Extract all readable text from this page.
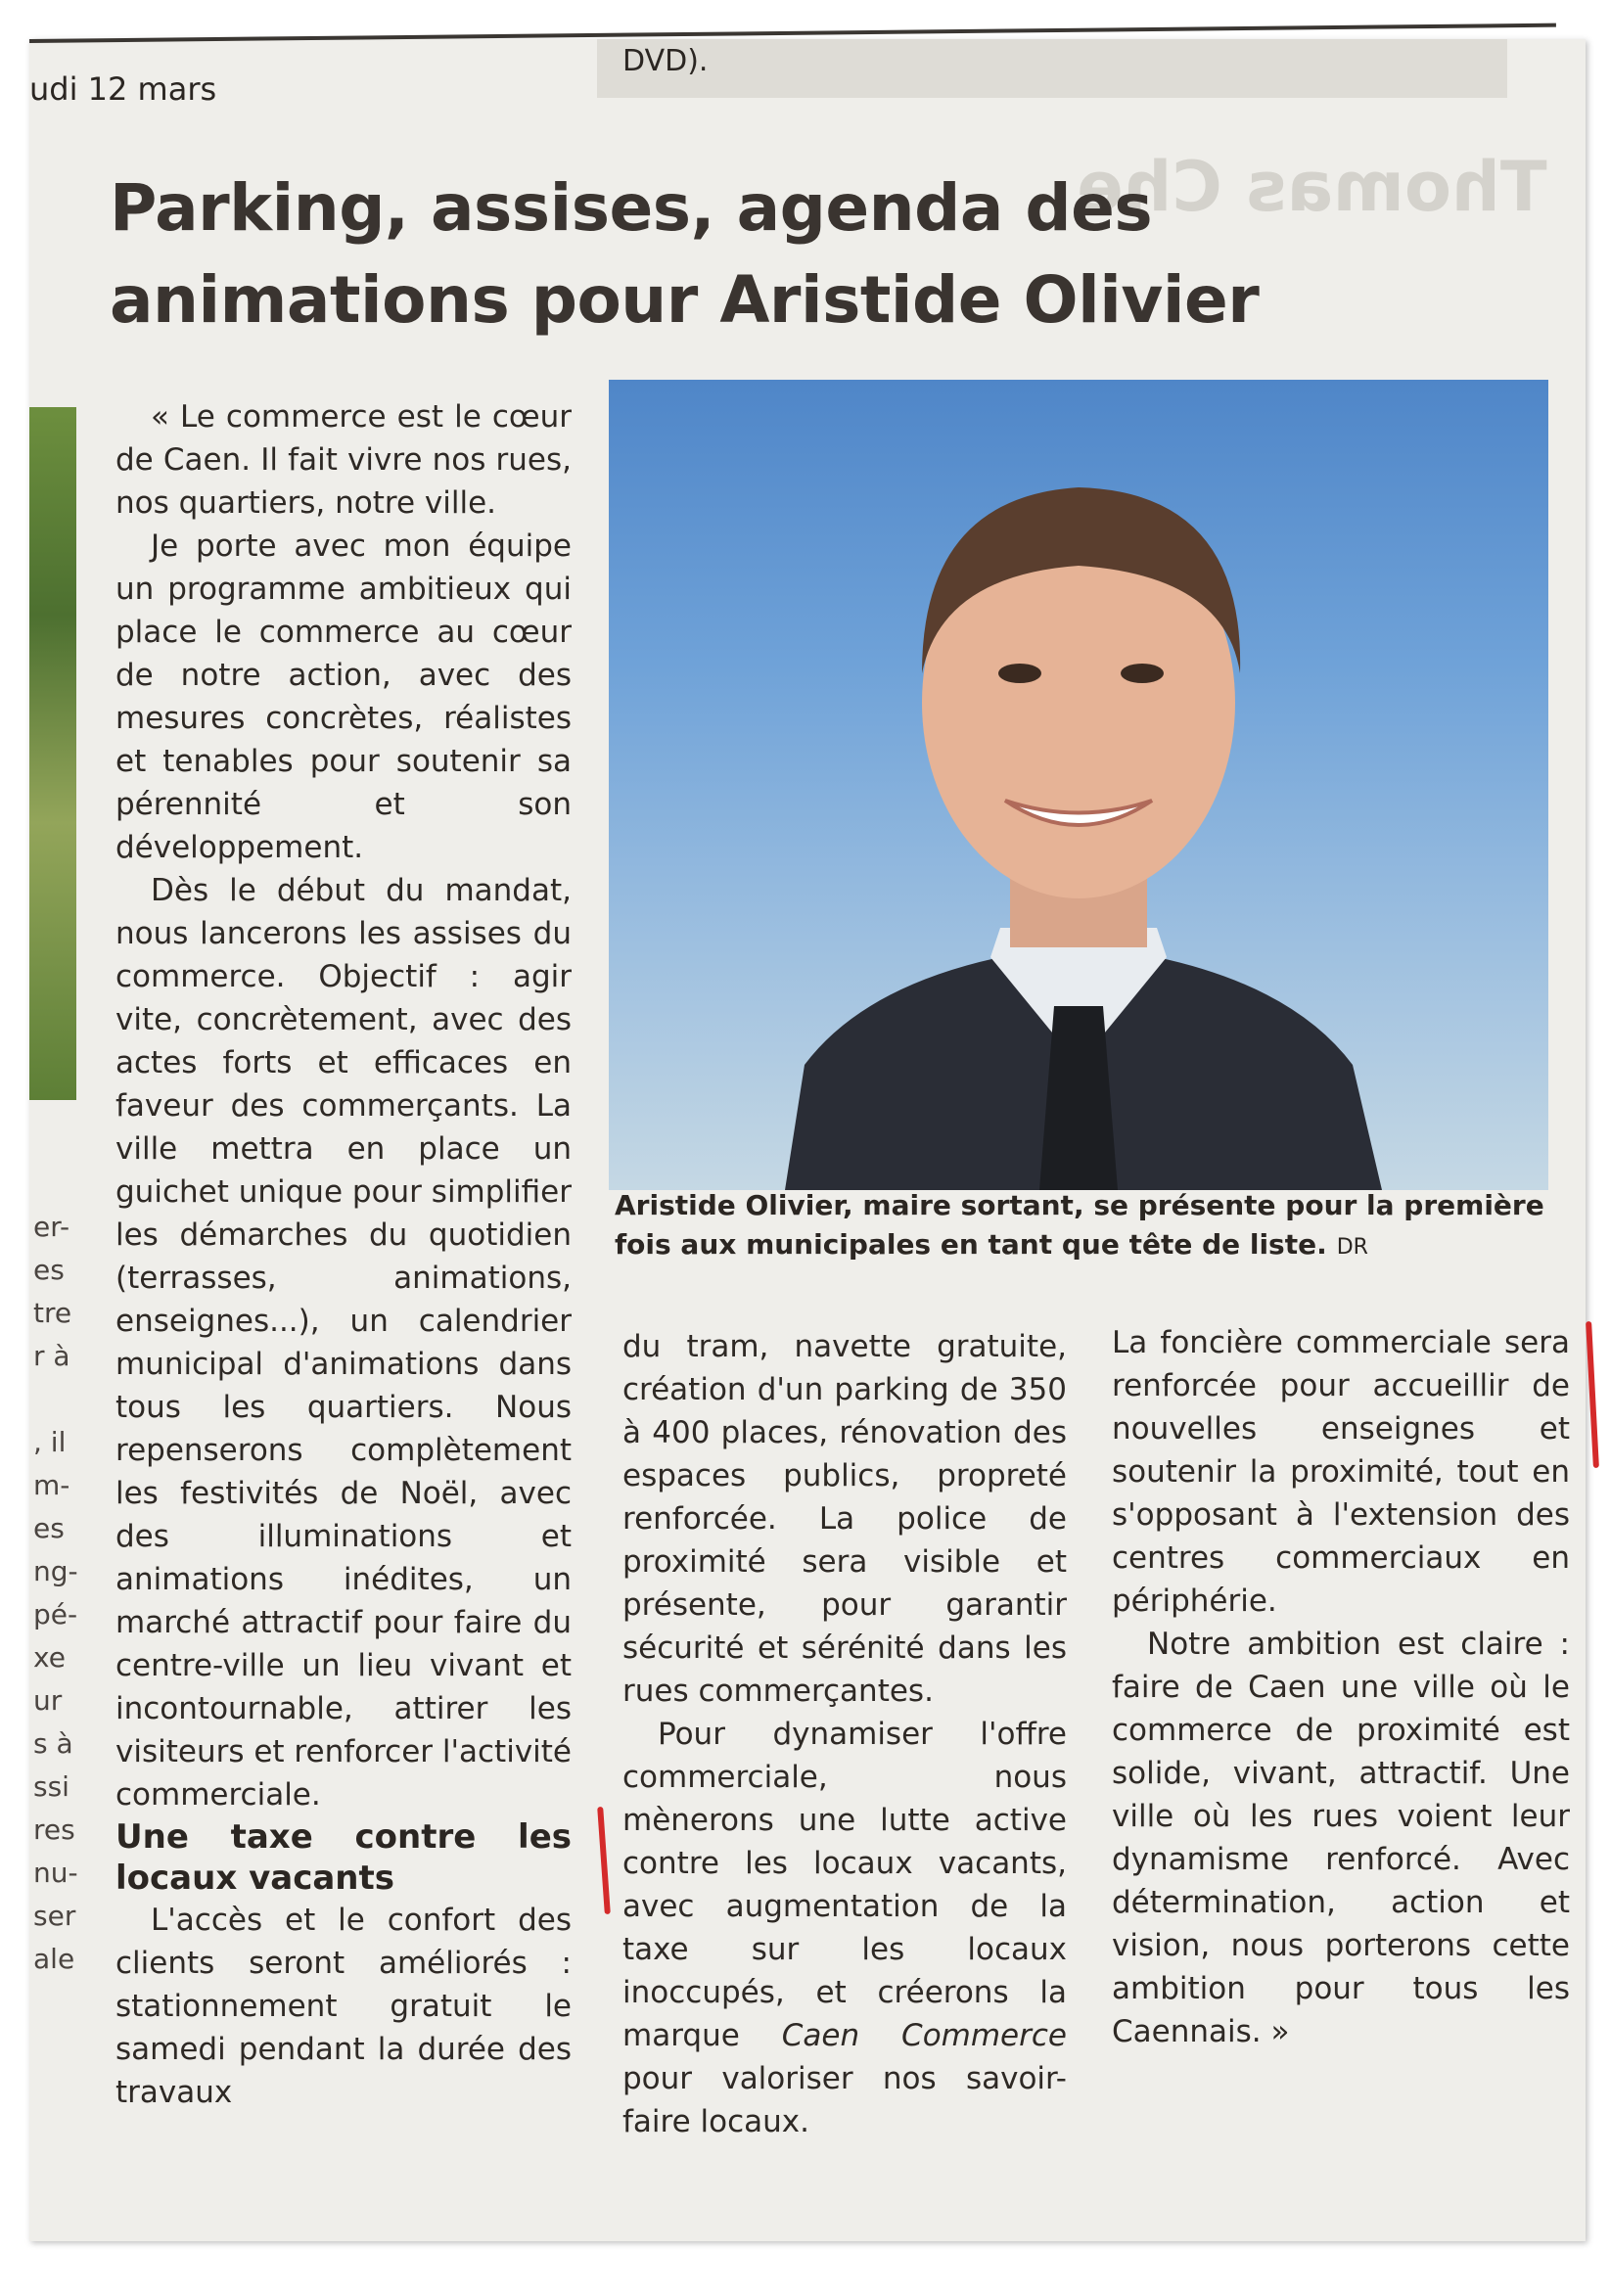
DVD).
udi 12 mars
Thomas Che
Parking, assises, agenda des animations pour Aristide Olivier
er-
es
tre
r à

, il
m-
es
ng-
pé-
xe
ur
s à
ssi
res
nu-
ser
ale
Aristide Olivier, maire sortant, se présente pour la première fois aux municipales en tant que tête de liste. DR

« Le commerce est le cœur de Caen. Il fait vivre nos rues, nos quartiers, notre ville.

Je porte avec mon équipe un programme ambitieux qui place le commerce au cœur de notre action, avec des mesures concrètes, réalistes et tenables pour soutenir sa pérennité et son développement.

Dès le début du mandat, nous lancerons les assises du commerce. Objectif : agir vite, concrètement, avec des actes forts et efficaces en faveur des commerçants. La ville mettra en place un guichet unique pour simplifier les démarches du quotidien (terrasses, animations, enseignes...), un calendrier municipal d'animations dans tous les quartiers. Nous repenserons complètement les festivités de Noël, avec des illuminations et animations inédites, un marché attractif pour faire du centre-ville un lieu vivant et incontournable, attirer les visiteurs et renforcer l'activité commerciale.

Une taxe contre les locaux vacants

L'accès et le confort des clients seront améliorés : stationnement gratuit le samedi pendant la durée des travaux

du tram, navette gratuite, création d'un parking de 350 à 400 places, rénovation des espaces publics, propreté renforcée. La police de proximité sera visible et présente, pour garantir sécurité et sérénité dans les rues commerçantes.

Pour dynamiser l'offre commerciale, nous mènerons une lutte active contre les locaux vacants, avec augmentation de la taxe sur les locaux inoccupés, et créerons la marque Caen Commerce pour valoriser nos savoir-faire locaux.

La foncière commerciale sera renforcée pour accueillir de nouvelles enseignes et soutenir la proximité, tout en s'opposant à l'extension des centres commerciaux en périphérie.

Notre ambition est claire : faire de Caen une ville où le commerce de proximité est solide, vivant, attractif. Une ville où les rues voient leur dynamisme renforcé. Avec détermination, action et vision, nous porterons cette ambition pour tous les Caennais. »
